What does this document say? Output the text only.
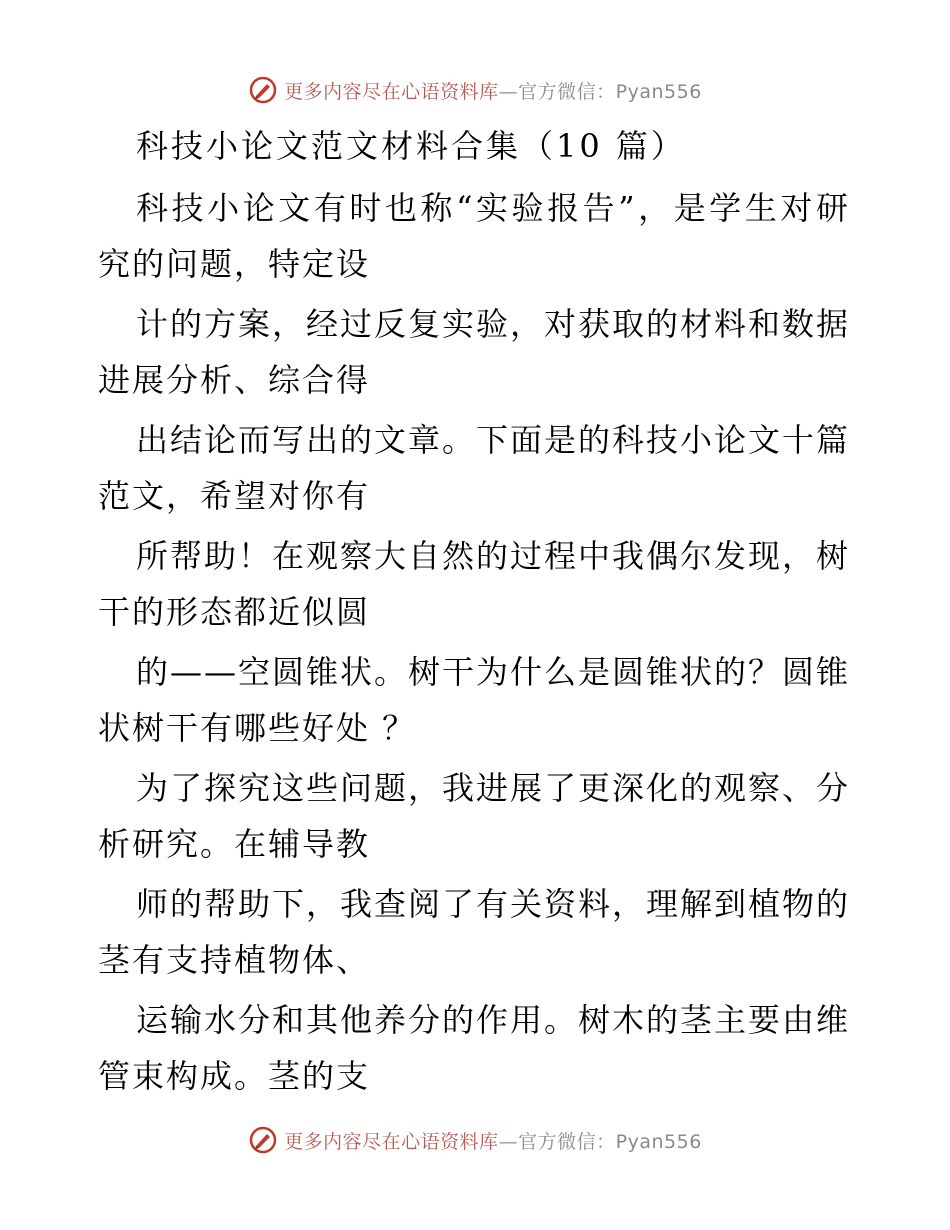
更多内容尽在心语资料库—官方微信：Pyan556
科技小论文范文材料合集（10 篇）
科技小论文有时也称“实验报告”，是学生对研
究的问题，特定设
计的方案，经过反复实验，对获取的材料和数据
进展分析、综合得
出结论而写出的文章。下面是的科技小论文十篇
范文，希望对你有
所帮助！在观察大自然的过程中我偶尔发现，树
干的形态都近似圆
的——空圆锥状。树干为什么是圆锥状的？圆锥
状树干有哪些好处 ？
为了探究这些问题，我进展了更深化的观察、分
析研究。在辅导教
师的帮助下，我查阅了有关资料，理解到植物的
茎有支持植物体、
运输水分和其他养分的作用。树木的茎主要由维
管束构成。茎的支
更多内容尽在心语资料库—官方微信：Pyan556
